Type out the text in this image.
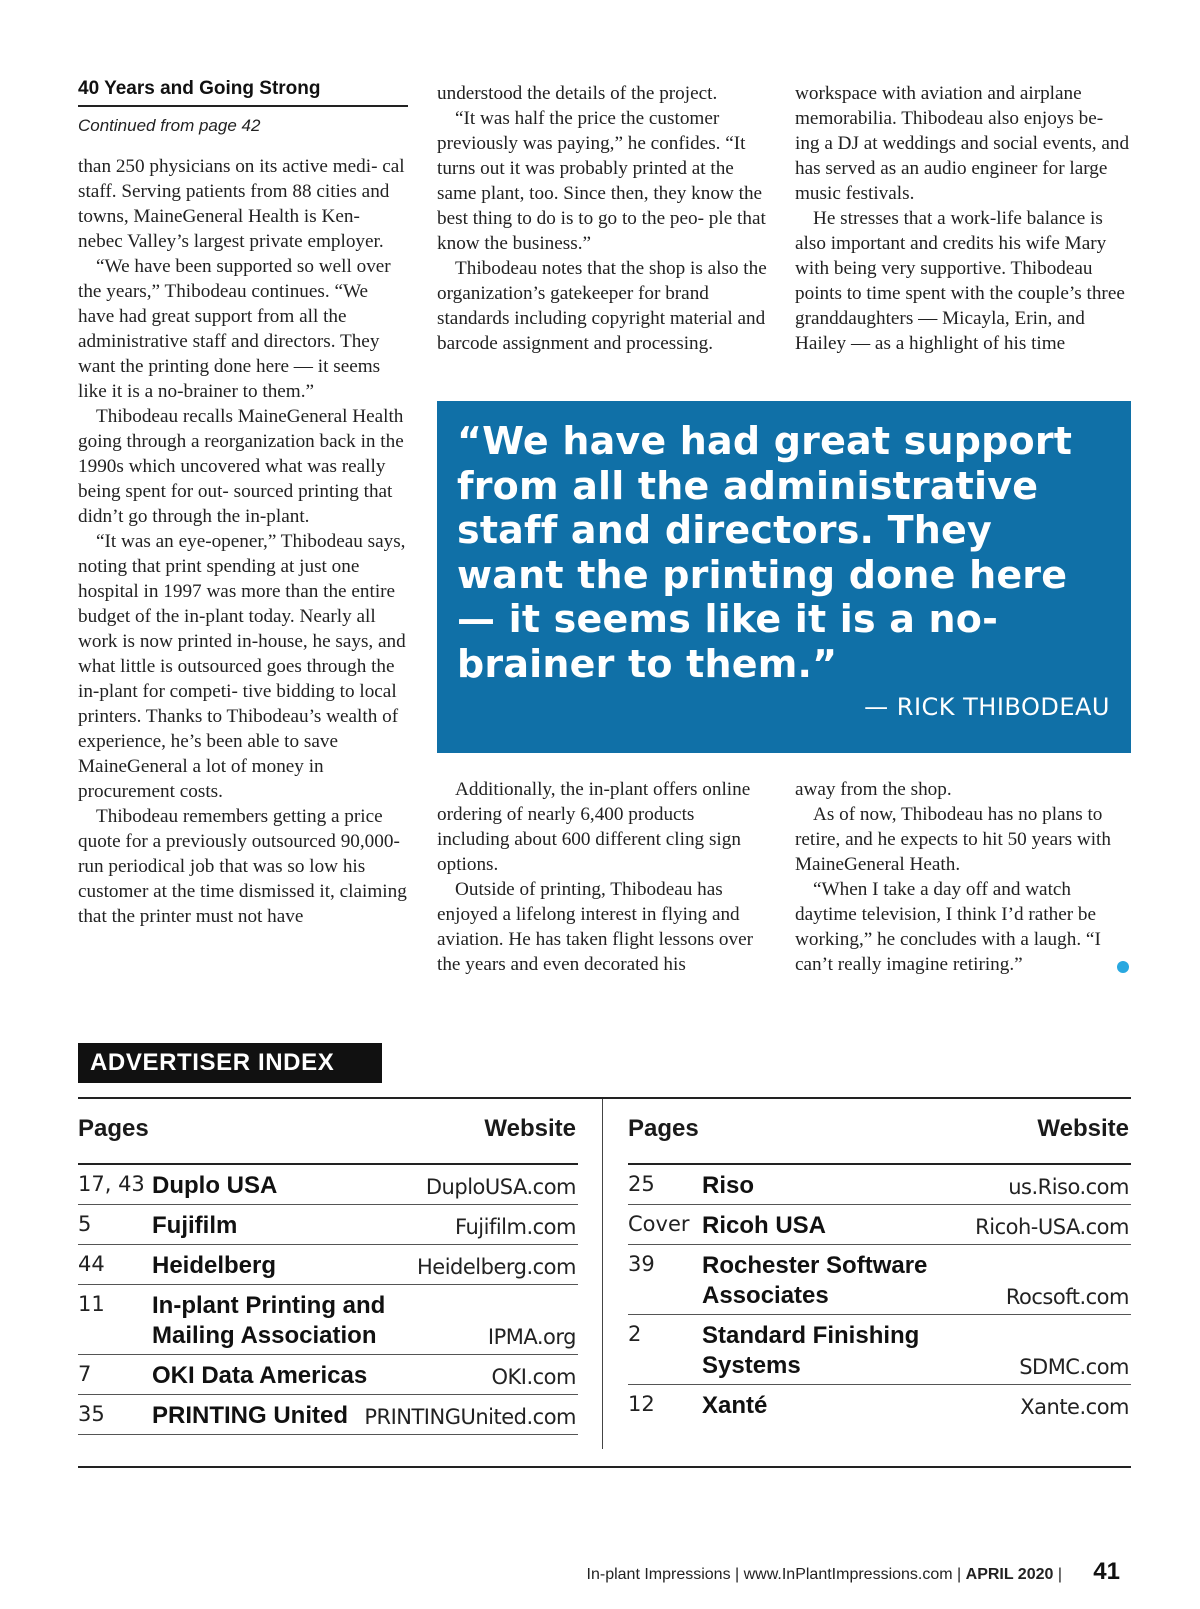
40 Years and Going Strong
Continued from page 42

than 250 physicians on its active medi- cal staff. Serving patients from 88 cities and towns, MaineGeneral Health is Ken- nebec Valley’s largest private employer.

“We have been supported so well over the years,” Thibodeau continues. “We have had great support from all the administrative staff and directors. They want the printing done here — it seems like it is a no-brainer to them.”

Thibodeau recalls MaineGeneral Health going through a reorganization back in the 1990s which uncovered what was really being spent for out- sourced printing that didn’t go through the in-plant.

“It was an eye-opener,” Thibodeau says, noting that print spending at just one hospital in 1997 was more than the entire budget of the in-plant today. Nearly all work is now printed in-house, he says, and what little is outsourced goes through the in-plant for competi- tive bidding to local printers. Thanks to Thibodeau’s wealth of experience, he’s been able to save MaineGeneral a lot of money in procurement costs.

Thibodeau remembers getting a price quote for a previously outsourced 90,000-run periodical job that was so low his customer at the time dismissed it, claiming that the printer must not have

understood the details of the project.

“It was half the price the customer previously was paying,” he confides. “It turns out it was probably printed at the same plant, too. Since then, they know the best thing to do is to go to the peo- ple that know the business.”

Thibodeau notes that the shop is also the organization’s gatekeeper for brand standards including copyright material and barcode assignment and processing.

workspace with aviation and airplane memorabilia. Thibodeau also enjoys be- ing a DJ at weddings and social events, and has served as an audio engineer for large music festivals.

He stresses that a work-life balance is also important and credits his wife Mary with being very supportive. Thibodeau points to time spent with the couple’s three granddaughters — Micayla, Erin, and Hailey — as a highlight of his time

“We have had great support from all the administrative staff and directors. They want the printing done here — it seems like it is a no-brainer to them.”
— RICK THIBODEAU

Additionally, the in-plant offers online ordering of nearly 6,400 products including about 600 different cling sign options.

Outside of printing, Thibodeau has enjoyed a lifelong interest in flying and aviation. He has taken flight lessons over the years and even decorated his

away from the shop.

As of now, Thibodeau has no plans to retire, and he expects to hit 50 years with MaineGeneral Heath.

“When I take a day off and watch daytime television, I think I’d rather be working,” he concludes with a laugh. “I can’t really imagine retiring.”

ADVERTISER INDEX
Pages	Website
17, 43 Duplo USA	DuploUSA.com
5	Fujifilm	Fujifilm.com
44 Heidelberg	Heidelberg.com
11 In-plant Printing and Mailing Association	IPMA.org
7	OKI Data Americas	OKI.com
35 PRINTING United PRINTINGUnited.com
Pages	Website
25 Riso	us.Riso.com
Cover Ricoh USA	Ricoh-USA.com
39 Rochester Software Associates	Rocsoft.com
2	Standard Finishing Systems	SDMC.com
12 Xanté	Xante.com
In-plant Impressions | www.InPlantImpressions.com | APRIL 2020 | 41
